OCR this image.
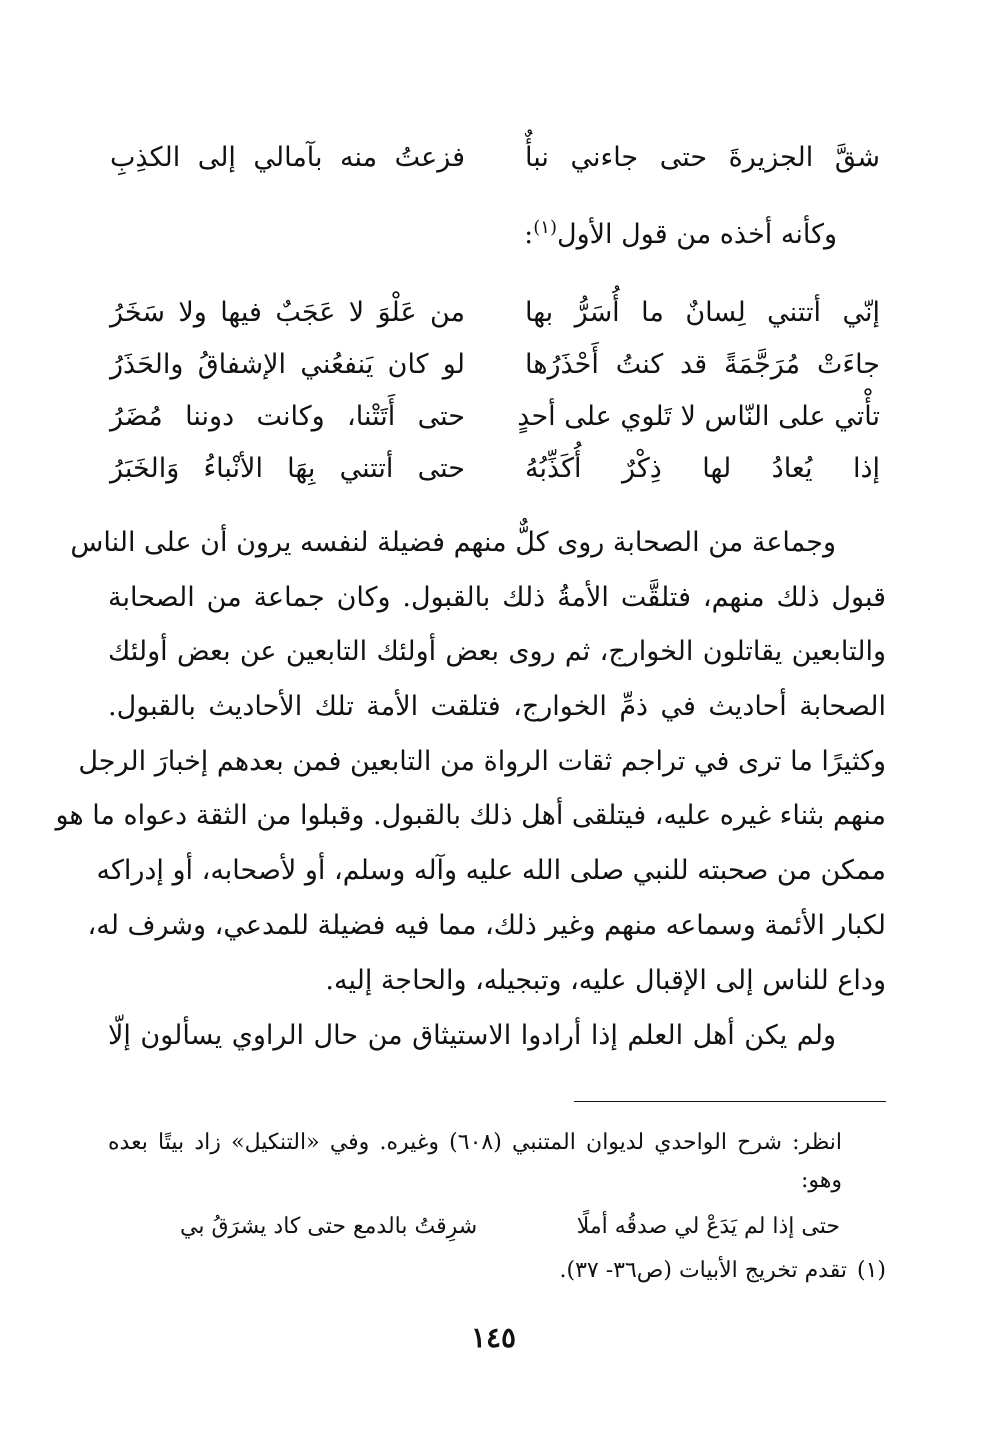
شقَّ الجزيرةَ حتى جاءني نبأٌ
فزعتُ منه بآمالي إلى الكذِبِ
وكأنه أخذه من قول الأول$^{(١)}$:
إنّي أتتني لِسانٌ ما أُسَرُّ بها
من عَلْوَ لا عَجَبٌ فيها ولا سَخَرُ
جاءَتْ مُرَجَّمَةً قد كنتُ أَحْذَرُها
لو كان يَنفعُني الإشفاقُ والحَذَرُ
تأْتي على النّاس لا تَلوي على أحدٍ
حتى أَتَتْنا، وكانت دوننا مُضَرُ
إذا يُعادُ لها ذِكْرٌ أُكَذِّبُهُ
حتى أتتني بِهَا الأنْباءُ وَالخَبَرُ
وجماعة من الصحابة روى كلٌّ منهم فضيلة لنفسه يرون أن على الناس
قبول ذلك منهم، فتلقَّت الأمةُ ذلك بالقبول. وكان جماعة من الصحابة
والتابعين يقاتلون الخوارج، ثم روى بعض أولئك التابعين عن بعض أولئك
الصحابة أحاديث في ذمِّ الخوارج، فتلقت الأمة تلك الأحاديث بالقبول.
وكثيرًا ما ترى في تراجم ثقات الرواة من التابعين فمن بعدهم إخبارَ الرجل
منهم بثناء غيره عليه، فيتلقى أهل ذلك بالقبول. وقبلوا من الثقة دعواه ما هو
ممكن من صحبته للنبي صلى الله عليه وآله وسلم، أو لأصحابه، أو إدراكه
لكبار الأئمة وسماعه منهم وغير ذلك، مما فيه فضيلة للمدعي، وشرف له،
وداع للناس إلى الإقبال عليه، وتبجيله، والحاجة إليه.
ولم يكن أهل العلم إذا أرادوا الاستيثاق من حال الراوي يسألون إلّا
انظر: شرح الواحدي لديوان المتنبي (٦٠٨) وغيره. وفي «التنكيل» زاد بيتًا بعده
وهو:
حتى إذا لم يَدَعْ لي صدقُه أملًا
شرِقتُ بالدمع حتى كاد يشرَقُ بي
(١)تقدم تخريج الأبيات (ص٣٦- ٣٧).
١٤٥
